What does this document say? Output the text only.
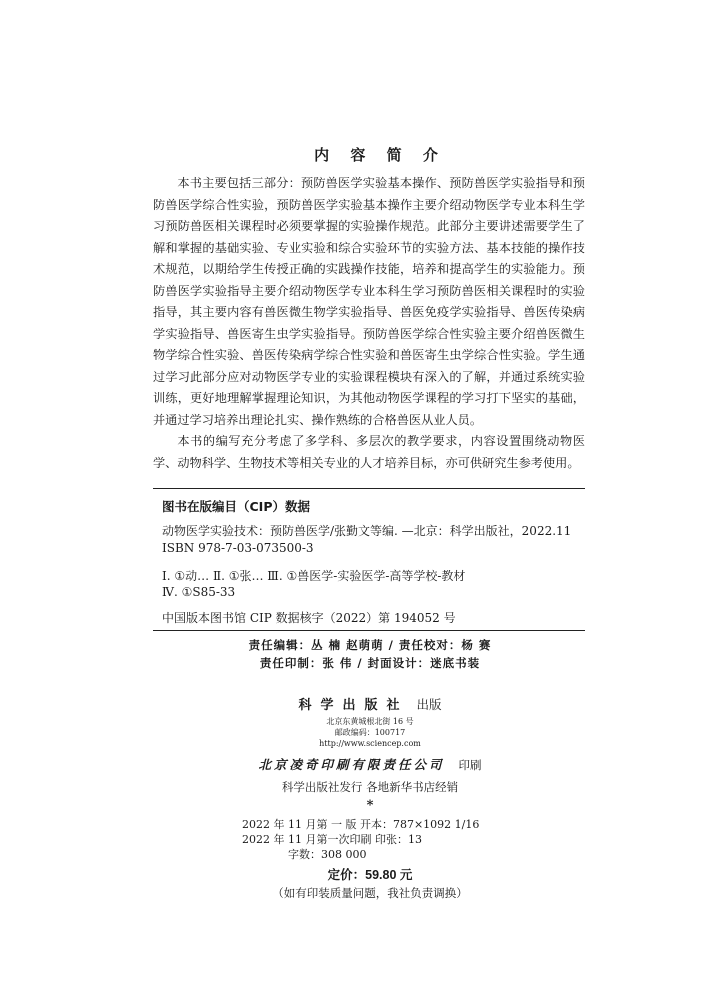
内 容 简 介

本书主要包括三部分：预防兽医学实验基本操作、预防兽医学实验指导和预防兽医学综合性实验，预防兽医学实验基本操作主要介绍动物医学专业本科生学习预防兽医相关课程时必须要掌握的实验操作规范。此部分主要讲述需要学生了解和掌握的基础实验、专业实验和综合实验环节的实验方法、基本技能的操作技术规范，以期给学生传授正确的实践操作技能，培养和提高学生的实验能力。预防兽医学实验指导主要介绍动物医学专业本科生学习预防兽医相关课程时的实验指导，其主要内容有兽医微生物学实验指导、兽医免疫学实验指导、兽医传染病学实验指导、兽医寄生虫学实验指导。预防兽医学综合性实验主要介绍兽医微生物学综合性实验、兽医传染病学综合性实验和兽医寄生虫学综合性实验。学生通过学习此部分应对动物医学专业的实验课程模块有深入的了解，并通过系统实验训练，更好地理解掌握理论知识，为其他动物医学课程的学习打下坚实的基础，并通过学习培养出理论扎实、操作熟练的合格兽医从业人员。

本书的编写充分考虑了多学科、多层次的教学要求，内容设置围绕动物医学、动物科学、生物技术等相关专业的人才培养目标，亦可供研究生参考使用。

图书在版编目（CIP）数据
动物医学实验技术：预防兽医学/张勤文等编. —北京：科学出版社，2022.11
ISBN 978-7-03-073500-3
Ⅰ. ①动… Ⅱ. ①张… Ⅲ. ①兽医学-实验医学-高等学校-教材
Ⅳ. ①S85-33
中国版本图书馆 CIP 数据核字（2022）第 194052 号
责任编辑：丛 楠 赵萌萌 / 责任校对：杨 赛
责任印制：张 伟 / 封面设计：迷底书装
科学出版社 出版
北京东黄城根北街 16 号
邮政编码：100717
http://www.sciencep.com
北京凌奇印刷有限责任公司 印刷
科学出版社发行 各地新华书店经销
*
2022 年 11 月第 一 版 开本：787×1092 1/16
2022 年 11 月第一次印刷 印张：13
字数：308 000
定价：59.80 元
（如有印装质量问题，我社负责调换）
